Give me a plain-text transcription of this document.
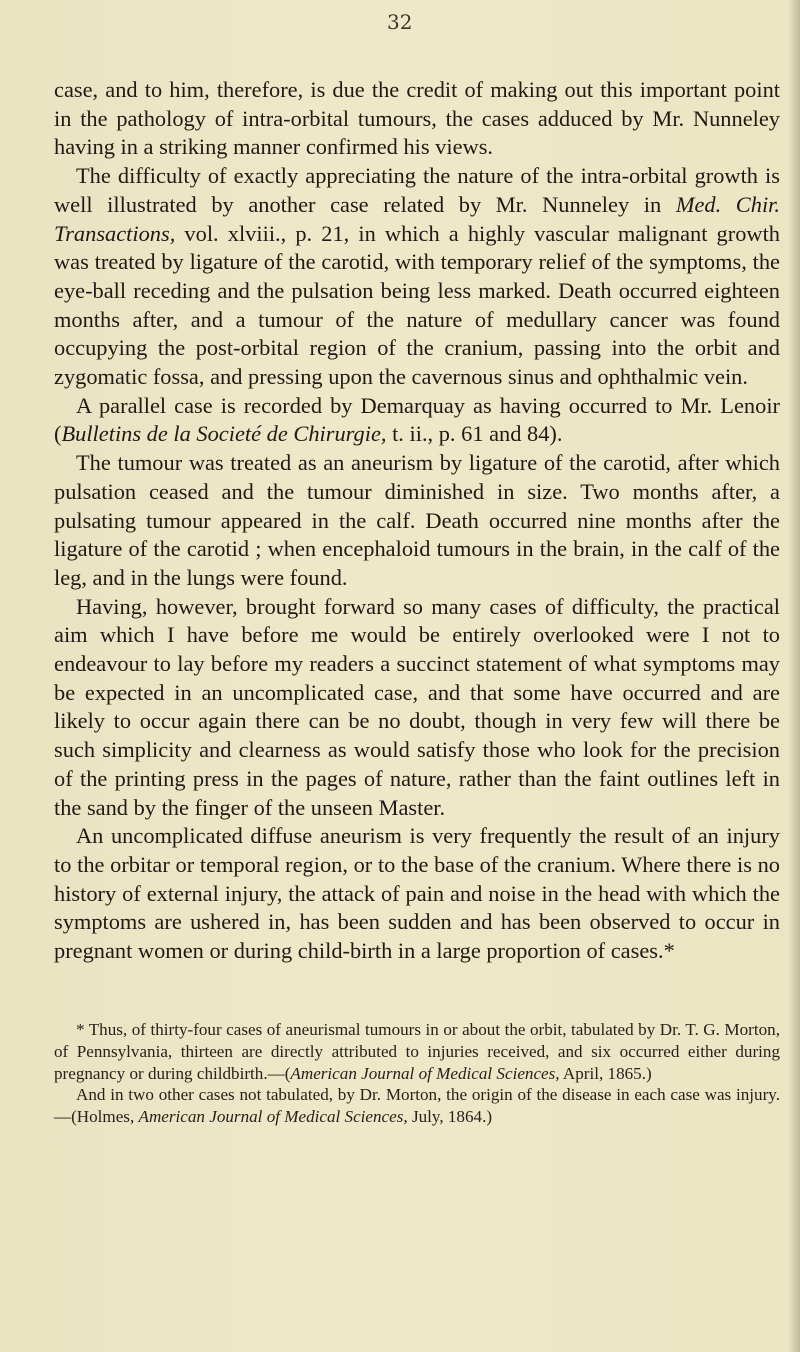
32

case, and to him, therefore, is due the credit of making out this important point in the pathology of intra-orbital tumours, the cases adduced by Mr. Nunneley having in a striking manner confirmed his views.

The difficulty of exactly appreciating the nature of the intra-orbital growth is well illustrated by another case related by Mr. Nunneley in Med. Chir. Transactions, vol. xlviii., p. 21, in which a highly vascular malignant growth was treated by ligature of the carotid, with temporary relief of the symptoms, the eye-ball receding and the pulsation being less marked. Death occurred eighteen months after, and a tumour of the nature of medullary cancer was found occupying the post-orbital region of the cranium, passing into the orbit and zygomatic fossa, and pressing upon the cavernous sinus and ophthalmic vein.

A parallel case is recorded by Demarquay as having occurred to Mr. Lenoir (Bulletins de la Societé de Chirurgie, t. ii., p. 61 and 84).

The tumour was treated as an aneurism by ligature of the carotid, after which pulsation ceased and the tumour diminished in size. Two months after, a pulsating tumour appeared in the calf. Death occurred nine months after the ligature of the carotid ; when encephaloid tumours in the brain, in the calf of the leg, and in the lungs were found.

Having, however, brought forward so many cases of difficulty, the practical aim which I have before me would be entirely overlooked were I not to endeavour to lay before my readers a succinct statement of what symptoms may be expected in an uncomplicated case, and that some have occurred and are likely to occur again there can be no doubt, though in very few will there be such simplicity and clearness as would satisfy those who look for the precision of the printing press in the pages of nature, rather than the faint outlines left in the sand by the finger of the unseen Master.

An uncomplicated diffuse aneurism is very frequently the result of an injury to the orbitar or temporal region, or to the base of the cranium. Where there is no history of external injury, the attack of pain and noise in the head with which the symptoms are ushered in, has been sudden and has been observed to occur in pregnant women or during child-birth in a large proportion of cases.*

* Thus, of thirty-four cases of aneurismal tumours in or about the orbit, tabulated by Dr. T. G. Morton, of Pennsylvania, thirteen are directly attributed to injuries received, and six occurred either during pregnancy or during childbirth.—(American Journal of Medical Sciences, April, 1865.)

And in two other cases not tabulated, by Dr. Morton, the origin of the disease in each case was injury.—(Holmes, American Journal of Medical Sciences, July, 1864.)
